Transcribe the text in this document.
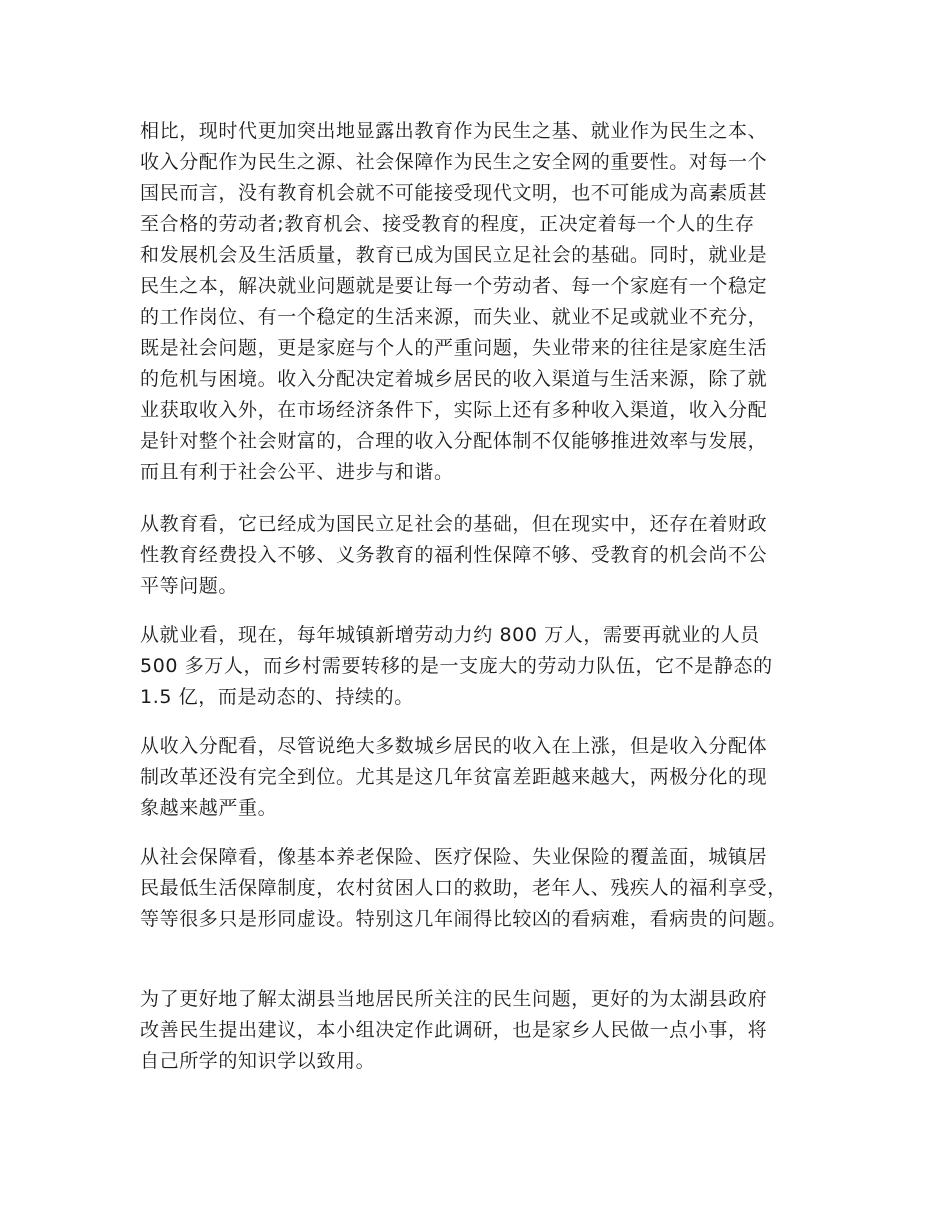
相比，现时代更加突出地显露出教育作为民生之基、就业作为民生之本、
收入分配作为民生之源、社会保障作为民生之安全网的重要性。对每一个
国民而言，没有教育机会就不可能接受现代文明，也不可能成为高素质甚
至合格的劳动者;教育机会、接受教育的程度，正决定着每一个人的生存
和发展机会及生活质量，教育已成为国民立足社会的基础。同时，就业是
民生之本，解决就业问题就是要让每一个劳动者、每一个家庭有一个稳定
的工作岗位、有一个稳定的生活来源，而失业、就业不足或就业不充分，
既是社会问题，更是家庭与个人的严重问题，失业带来的往往是家庭生活
的危机与困境。收入分配决定着城乡居民的收入渠道与生活来源，除了就
业获取收入外，在市场经济条件下，实际上还有多种收入渠道，收入分配
是针对整个社会财富的，合理的收入分配体制不仅能够推进效率与发展，
而且有利于社会公平、进步与和谐。
从教育看，它已经成为国民立足社会的基础，但在现实中，还存在着财政
性教育经费投入不够、义务教育的福利性保障不够、受教育的机会尚不公
平等问题。
从就业看，现在，每年城镇新增劳动力约 800 万人，需要再就业的人员
500 多万人，而乡村需要转移的是一支庞大的劳动力队伍，它不是静态的
1.5 亿，而是动态的、持续的。
从收入分配看，尽管说绝大多数城乡居民的收入在上涨，但是收入分配体
制改革还没有完全到位。尤其是这几年贫富差距越来越大，两极分化的现
象越来越严重。
从社会保障看，像基本养老保险、医疗保险、失业保险的覆盖面，城镇居
民最低生活保障制度，农村贫困人口的救助，老年人、残疾人的福利享受，
等等很多只是形同虚设。特别这几年闹得比较凶的看病难，看病贵的问题。
为了更好地了解太湖县当地居民所关注的民生问题，更好的为太湖县政府
改善民生提出建议，本小组决定作此调研，也是家乡人民做一点小事，将
自己所学的知识学以致用。
